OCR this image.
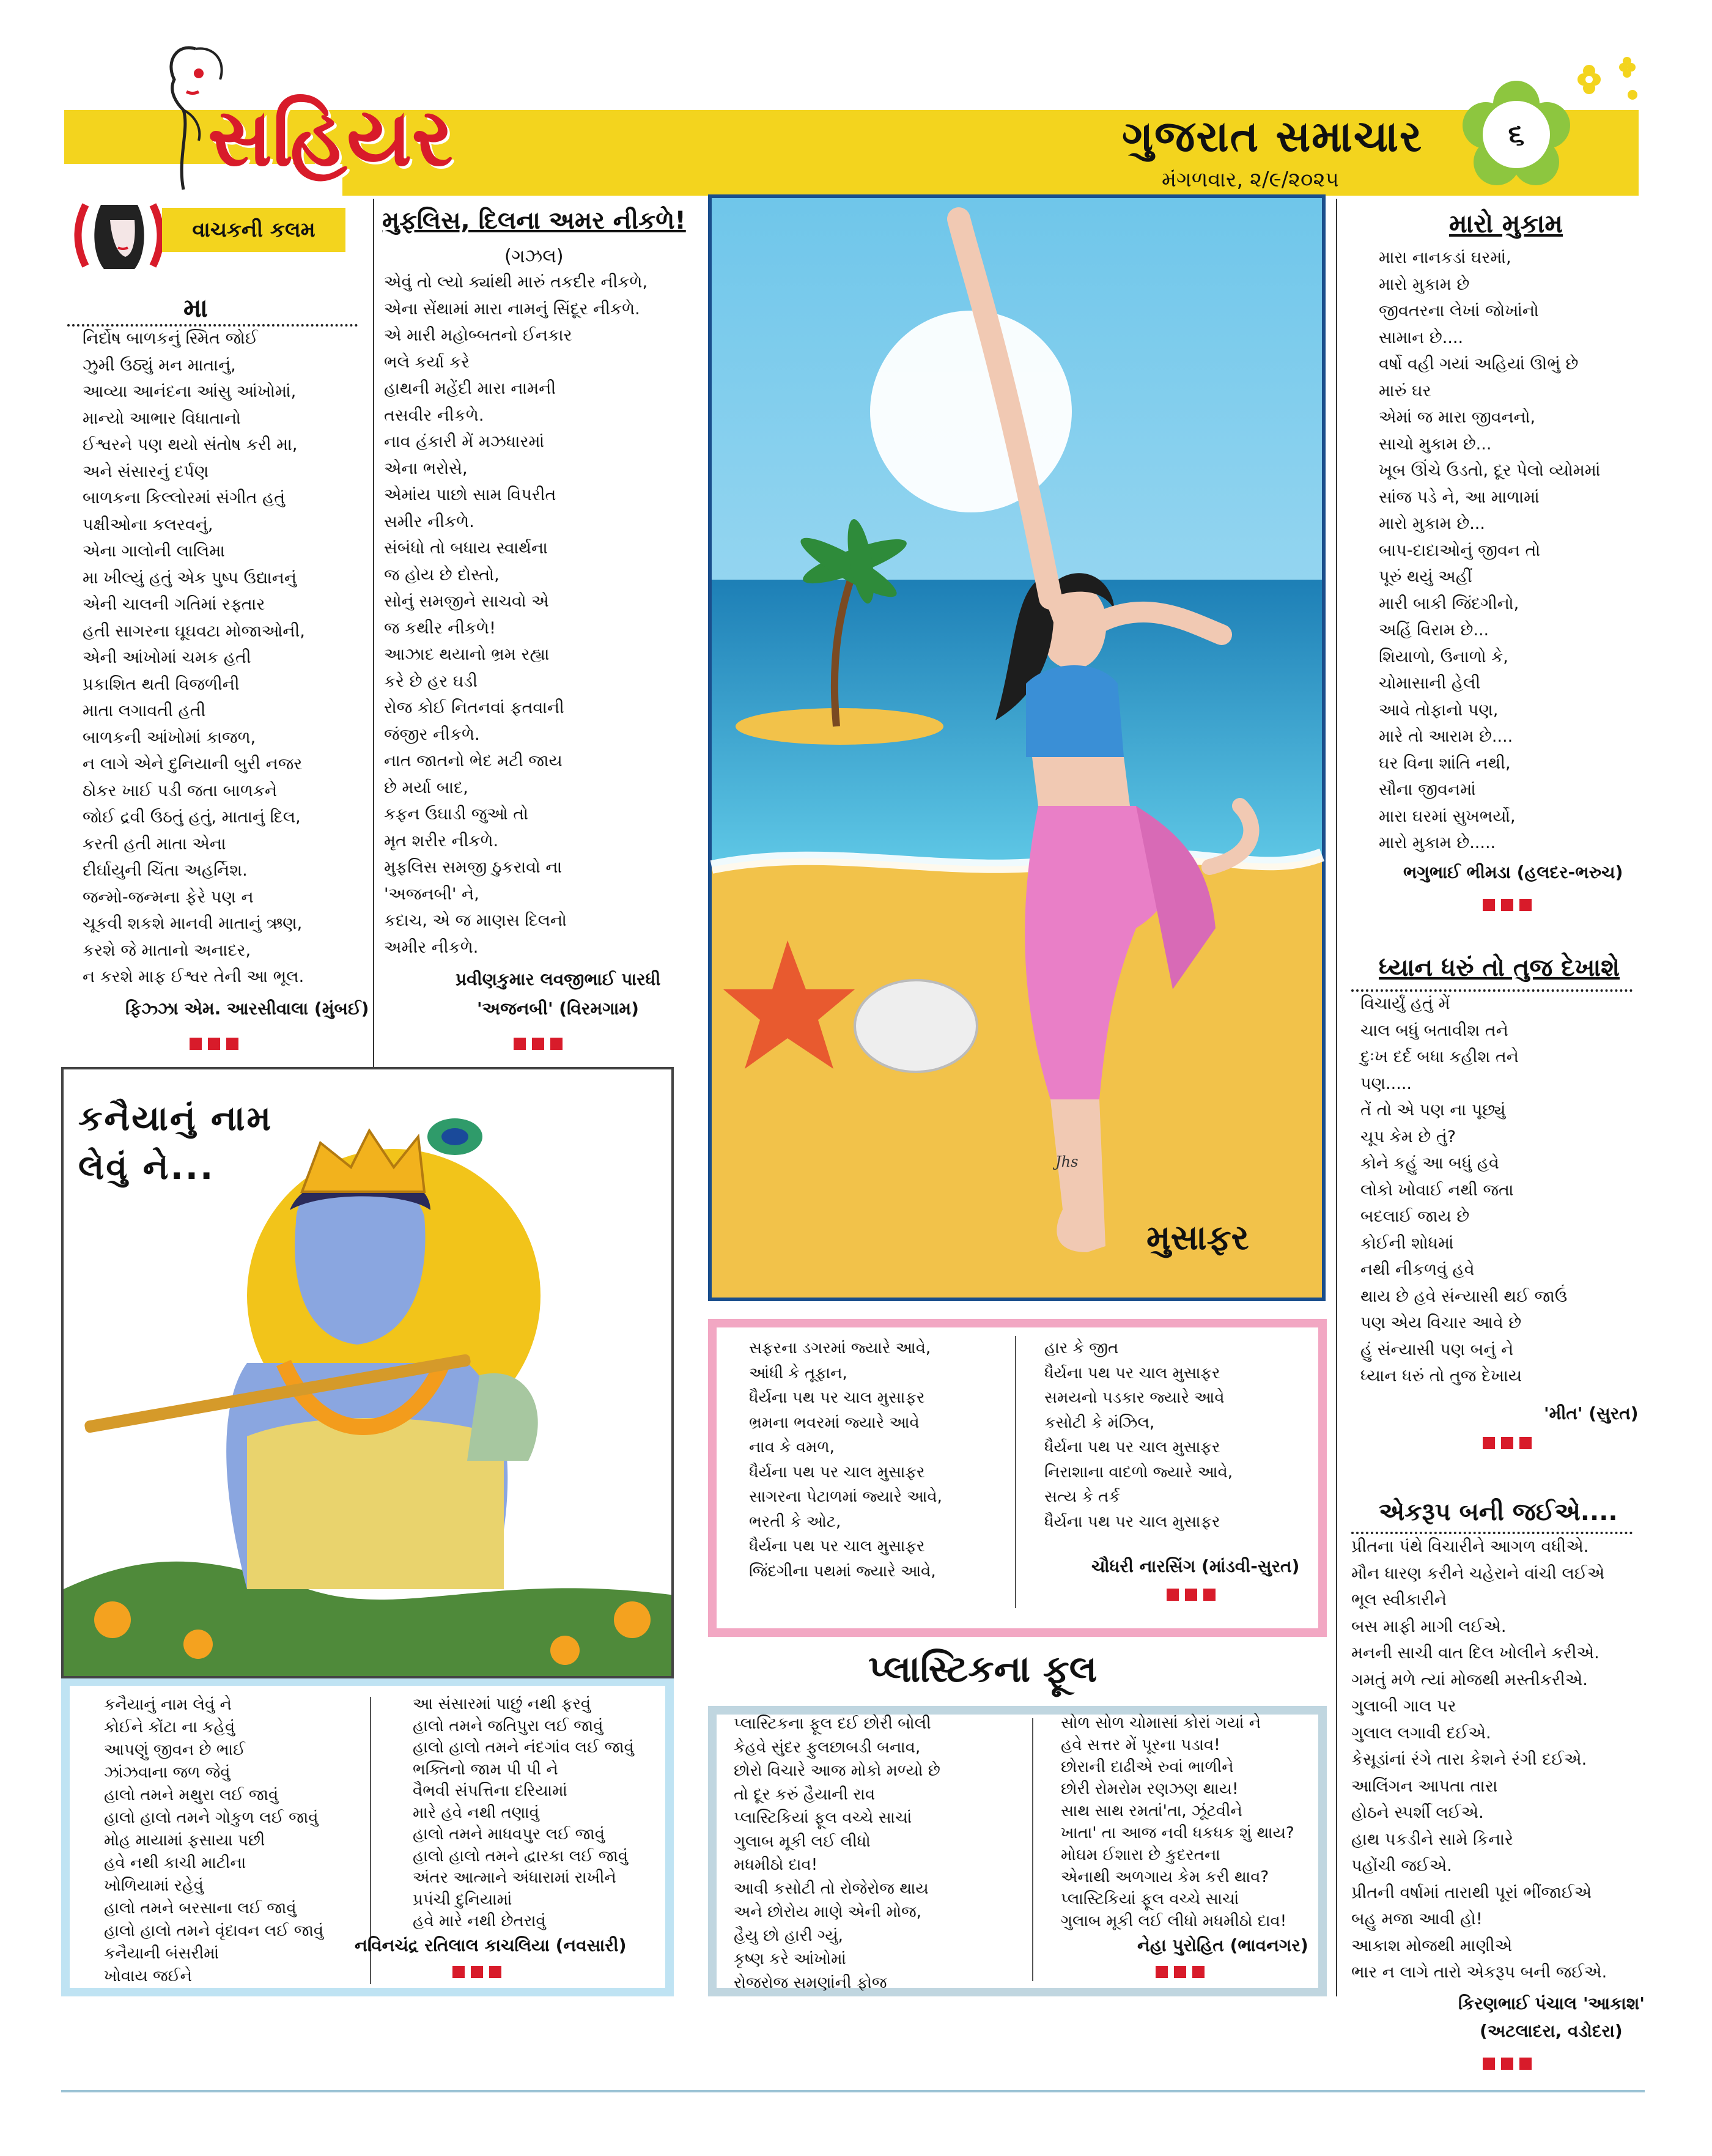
સહિયર	ગુજરાત સમાચાર
મંગળવાર, ૨/૯/૨૦૨૫
૬
વાચકની કલમ
મા
નિર્દોષ બાળકનું સ્મિત જોઈ
ઝુમી ઉઠ્યું મન માતાનું,
આવ્યા આનંદના આંસુ આંખોમાં,
માન્યો આભાર વિધાતાનો
ઈશ્વરને પણ થયો સંતોષ કરી મા,
અને સંસારનું દર્પણ
બાળકના કિલ્લોરમાં સંગીત હતું
પક્ષીઓના કલરવનું,
એના ગાલોની લાલિમા
મા ખીલ્યું હતું એક પુષ્પ ઉદ્યાનનું
એની ચાલની ગતિમાં રફ્તાર
હતી સાગરના ઘૂઘવટા મોજાઓની,
એની આંખોમાં ચમક હતી
પ્રકાશિત થતી વિજળીની
માતા લગાવતી હતી
બાળકની આંખોમાં કાજળ,
ન લાગે એને દુનિયાની બુરી નજર
ઠોકર ખાઈ પડી જતા બાળકને
જોઈ દ્રવી ઉઠતું હતું, માતાનું દિલ,
કરતી હતી માતા એના
દીર્ઘાયુની ચિંતા અહર્નિશ.
જન્મો-જન્મના ફેરે પણ ન
ચૂકવી શકશે માનવી માતાનું ઋણ,
કરશે જે માતાનો અનાદર,
ન કરશે માફ ઈશ્વર તેની આ ભૂલ.
ફિઝ્ઝા એમ. આરસીવાલા (મુંબઈ)
મુફલિસ, દિલના અમર નીકળે!
(ગઝલ)
એવું તો લ્યો ક્યાંથી મારું તકદીર નીકળે,
એના સેંથામાં મારા નામનું સિંદૂર નીકળે.
એ મારી મહોબ્બતનો ઈનકાર
ભલે કર્યા કરે
હાથની મહેંદી મારા નામની
તસવીર નીકળે.
નાવ હંકારી મેં મઝધારમાં
એના ભરોસે,
એમાંય પાછો સામ વિપરીત
સમીર નીકળે.
સંબંધો તો બધાય સ્વાર્થના
જ હોય છે દોસ્તો,
સોનું સમજીને સાચવો એ
જ કથીર નીકળે!
આઝાદ થયાનો ભ્રમ રહ્યા
કરે છે હર ઘડી
રોજ કોઈ નિતનવાં ફતવાની
જંજીર નીકળે.
નાત જાતનો ભેદ મટી જાય
છે મર્યા બાદ,
કફન ઉઘાડી જુઓ તો
મૃત શરીર નીકળે.
મુફલિસ સમજી ઠુકરાવો ના
'અજનબી' ને,
કદાચ, એ જ માણસ દિલનો
અમીર નીકળે.
પ્રવીણકુમાર લવજીભાઈ પારધી
'અજનબી' (વિરમગામ)
Jhs
મુસાફર
સફરના ડગરમાં જ્યારે આવે,
આંધી કે તૂફાન,
ધૈર્યના પથ પર ચાલ મુસાફર
ભ્રમના ભવરમાં જ્યારે આવે
નાવ કે વમળ,
ધૈર્યના પથ પર ચાલ મુસાફર
સાગરના પેટાળમાં જ્યારે આવે,
ભરતી કે ઓટ,
ધૈર્યના પથ પર ચાલ મુસાફર
જિંદગીના પથમાં જ્યારે આવે,
હાર કે જીત
ધૈર્યના પથ પર ચાલ મુસાફર
સમયનો પડકાર જ્યારે આવે
કસોટી કે મંઝિલ,
ધૈર્યના પથ પર ચાલ મુસાફર
નિરાશાના વાદળો જ્યારે આવે,
સત્ય કે તર્ક
ધૈર્યના પથ પર ચાલ મુસાફર
ચૌધરી નારસિંગ (માંડવી-સુરત)
પ્લાસ્ટિકના ફૂલ
પ્લાસ્ટિકના ફૂલ દઈ છોરી બોલી
કેહવે સુંદર ફુલછાબડી બનાવ,
છોરો વિચારે આજ મોકો મળ્યો છે
તો દૂર કરું હૈયાની રાવ
પ્લાસ્ટિકિયાં ફૂલ વચ્ચે સાચાં
ગુલાબ મૂકી લઈ લીધો
મધમીઠો દાવ!
આવી કસોટી તો રોજેરોજ થાય
અને છોરોય માણે એની મોજ,
હૈયુ છો હારી ગ્યું,
કૃષ્ણ કરે આંખોમાં
રોજરોજ સમણાંની ફોજ
સોળ સોળ ચોમાસાં કોરાં ગયાં ને
હવે સત્તર મેં પૂરના પડાવ!
છોરાની દાઢીએ રુવાં ભાળીને
છોરી રોમરોમ રણઝણ થાય!
સાથ સાથ રમતાં'તા, ઝૂંટવીને
ખાતા' તા આજ નવી ધકધક શું થાય?
મોઘમ ઈશારા છે કુદરતના
એનાથી અળગાય કેમ કરી થાવ?
પ્લાસ્ટિકિયાં ફૂલ વચ્ચે સાચાં
ગુલાબ મૂકી લઈ લીધો મધમીઠો દાવ!
નેહા પુરોહિત (ભાવનગર)
કનૈયાનું નામ લેવું ને...
કનૈયાનું નામ લેવું ને
કોઈને કોંટા ના કહેવું
આપણું જીવન છે ભાઈ
ઝાંઝવાના જળ જેવું
હાલો તમને મથુરા લઈ જાવું
હાલો હાલો તમને ગોકુળ લઈ જાવું
મોહ માયામાં ફસાયા પછી
હવે નથી કાચી માટીના
ખોળિયામાં રહેવું
હાલો તમને બરસાના લઈ જાવું
હાલો હાલો તમને વૃંદાવન લઈ જાવું
કનૈયાની બંસરીમાં
ખોવાય જઈને
આ સંસારમાં પાછું નથી ફરવું
હાલો તમને જતિપુરા લઈ જાવું
હાલો હાલો તમને નંદગાંવ લઈ જાવું
ભક્તિનો જામ પી પી ને
વૈભવી સંપત્તિના દરિયામાં
મારે હવે નથી તણાવું
હાલો તમને માધવપુર લઈ જાવું
હાલો હાલો તમને દ્વારકા લઈ જાવું
અંતર આત્માને અંધારામાં રાખીને
પ્રપંચી દુનિયામાં
હવે મારે નથી છેતરાવું
નવિનચંદ્ર રતિલાલ કાચલિયા (નવસારી)
મારો મુકામ
મારા નાનકડાં ઘરમાં,
મારો મુકામ છે
જીવતરના લેખાં જોખાંનો
સામાન છે....
વર્ષો વહી ગયાં અહિયાં ઊભું છે
મારું ઘર
એમાં જ મારા જીવનનો,
સાચો મુકામ છે...
ખૂબ ઊંચે ઉડતો, દૂર પેલો વ્યોમમાં
સાંજ પડે ને, આ માળામાં
મારો મુકામ છે...
બાપ-દાદાઓનું જીવન તો
પૂરું થયું અહીં
મારી બાકી જિંદગીનો,
અહિં વિરામ છે...
શિયાળો, ઉનાળો કે,
ચોમાસાની હેલી
આવે તોફાનો પણ,
મારે તો આરામ છે....
ઘર વિના શાંતિ નથી,
સૌના જીવનમાં
મારા ઘરમાં સુખભર્યો,
મારો મુકામ છે.....
ભગુભાઈ ભીમડા (હલદર-ભરુચ)
ધ્યાન ધરું તો તુજ દેખાશે
વિચાર્યું હતું મેં
ચાલ બધું બતાવીશ તને
દુઃખ દર્દ બધા કહીશ તને
પણ.....
તેં તો એ પણ ના પૂછ્યું
ચૂપ કેમ છે તું?
કોને કહું આ બધું હવે
લોકો ખોવાઈ નથી જતા
બદલાઈ જાય છે
કોઈની શોધમાં
નથી નીકળવું હવે
થાય છે હવે સંન્યાસી થઈ જાઉં
પણ એય વિચાર આવે છે
હું સંન્યાસી પણ બનું ને
ધ્યાન ધરું તો તુજ દેખાય
'મીત' (સુરત)
એકરૂપ બની જઈએ....
પ્રીતના પંથે વિચારીને આગળ વધીએ.
મૌન ધારણ કરીને ચહેરાને વાંચી લઈએ
ભૂલ સ્વીકારીને
બસ માફી માગી લઈએ.
મનની સાચી વાત દિલ ખોલીને કરીએ.
ગમતું મળે ત્યાં મોજથી મસ્તીકરીએ.
ગુલાબી ગાલ પર
ગુલાલ લગાવી દઈએ.
કેસૂડાંનાં રંગે તારા કેશને રંગી દઈએ.
આલિંગન આપતા તારા
હોઠને સ્પર્શી લઈએ.
હાથ પકડીને સામે કિનારે
પહોંચી જઈએ.
પ્રીતની વર્ષામાં તારાથી પૂરાં ભીંજાઈએ
બહુ મજા આવી હો!
આકાશ મોજથી માણીએ
ભાર ન લાગે તારો એકરૂપ બની જઈએ.
કિરણભાઈ પંચાલ 'આકાશ'
(અટલાદરા, વડોદરા)
